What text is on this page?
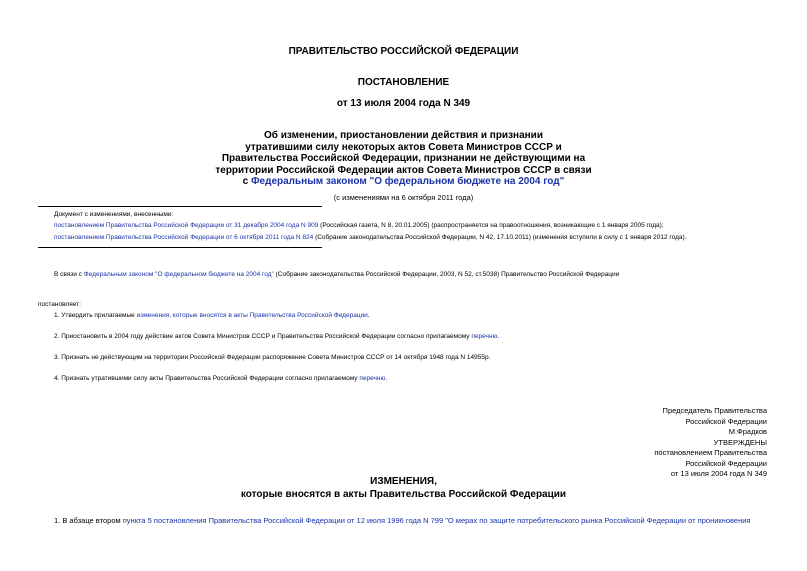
ПРАВИТЕЛЬСТВО РОССИЙСКОЙ ФЕДЕРАЦИИ
ПОСТАНОВЛЕНИЕ
от 13 июля 2004 года N 349
Об изменении, приостановлении действия и признании
утратившими силу некоторых актов Совета Министров СССР и
Правительства Российской Федерации, признании не действующими на
территории Российской Федерации актов Совета Министров СССР в связи
с Федеральным законом "О федеральном бюджете на 2004 год"
(с изменениями на 6 октября 2011 года)
Документ с изменениями, внесенными:
постановлением Правительства Российской Федерации от 31 декабря 2004 года N 909 (Российская газета, N 8, 20.01.2005) (распространяется на правоотношения, возникающие с 1 января 2005 года);
постановлением Правительства Российской Федерации от 6 октября 2011 года N 824 (Собрание законодательства Российской Федерации, N 42, 17.10.2011) (изменения вступили в силу с 1 января 2012 года).
В связи с Федеральным законом "О федеральном бюджете на 2004 год" (Собрание законодательства Российской Федерации, 2003, N 52, ст.5038) Правительство Российской Федерации
постановляет:
1. Утвердить прилагаемые изменения, которые вносятся в акты Правительства Российской Федерации.
2. Приостановить в 2004 году действие актов Совета Министров СССР и Правительства Российской Федерации согласно прилагаемому перечню.
3. Признать не действующим на территории Российской Федерации распоряжение Совета Министров СССР от 14 октября 1948 года N 14955р.
4. Признать утратившими силу акты Правительства Российской Федерации согласно прилагаемому перечню.
Председатель Правительства
Российской Федерации
М.Фрадков
УТВЕРЖДЕНЫ
постановлением Правительства
Российской Федерации
от 13 июля 2004 года N 349
ИЗМЕНЕНИЯ,
которые вносятся в акты Правительства Российской Федерации
1. В абзаце втором пункта 5 постановления Правительства Российской Федерации от 12 июля 1996 года N 799 "О мерах по защите потребительского рынка Российской Федерации от проникновения
